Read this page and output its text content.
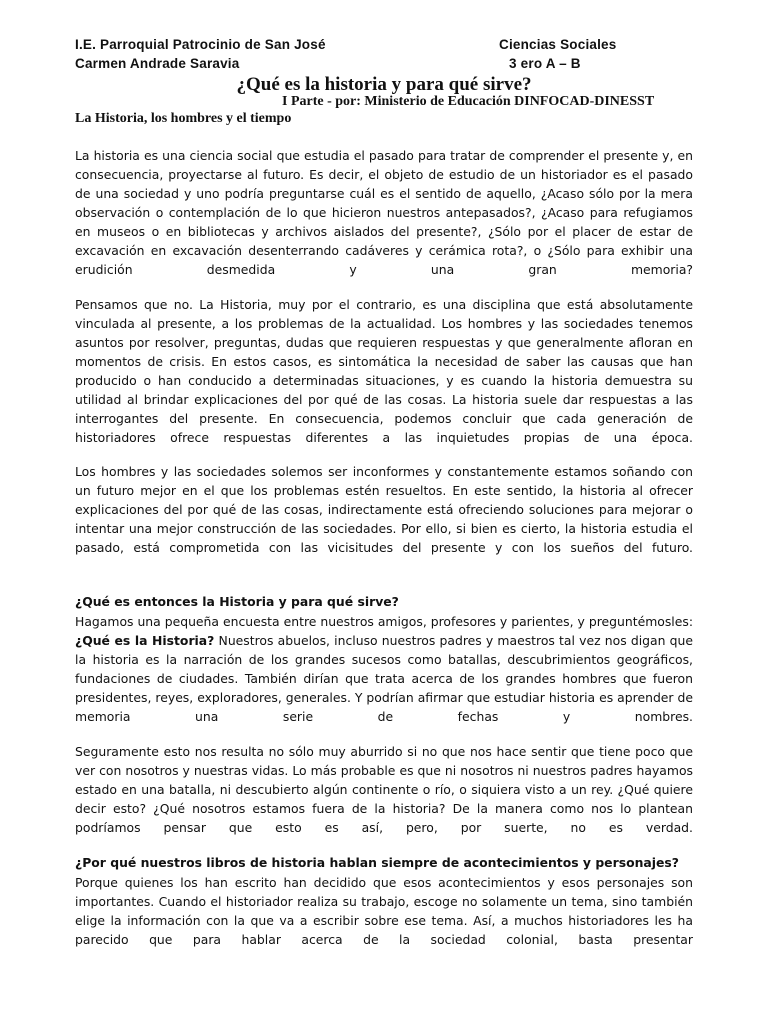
I.E. Parroquial Patrocinio de San José	Ciencias Sociales
Carmen Andrade Saravia	3 ero A – B
¿Qué es la historia y para qué sirve?
I Parte - por: Ministerio de Educación DINFOCAD-DINESST
La Historia, los hombres y el tiempo

La historia es una ciencia social que estudia el pasado para tratar de comprender el presente y, en consecuencia, proyectarse al futuro. Es decir, el objeto de estudio de un historiador es el pasado de una sociedad y uno podría preguntarse cuál es el sentido de aquello, ¿Acaso sólo por la mera observación o contemplación de lo que hicieron nuestros antepasados?, ¿Acaso para refugiamos en museos o en bibliotecas y archivos aislados del presente?, ¿Sólo por el placer de estar de excavación en excavación desenterrando cadáveres y cerámica rota?, o ¿Sólo para exhibir una erudición desmedida y una gran memoria?

Pensamos que no. La Historia, muy por el contrario, es una disciplina que está absolutamente vinculada al presente, a los problemas de la actualidad. Los hombres y las sociedades tenemos asuntos por resolver, preguntas, dudas que requieren respuestas y que generalmente afloran en momentos de crisis. En estos casos, es sintomática la necesidad de saber las causas que han producido o han conducido a determinadas situaciones, y es cuando la historia demuestra su utilidad al brindar explicaciones del por qué de las cosas. La historia suele dar respuestas a las interrogantes del presente. En consecuencia, podemos concluir que cada generación de historiadores ofrece respuestas diferentes a las inquietudes propias de una época.

Los hombres y las sociedades solemos ser inconformes y constantemente estamos soñando con un futuro mejor en el que los problemas estén resueltos. En este sentido, la historia al ofrecer explicaciones del por qué de las cosas, indirectamente está ofreciendo soluciones para mejorar o intentar una mejor construcción de las sociedades. Por ello, si bien es cierto, la historia estudia el pasado, está comprometida con las vicisitudes del presente y con los sueños del futuro.

¿Qué es entonces la Historia y para qué sirve?

Hagamos una pequeña encuesta entre nuestros amigos, profesores y parientes, y preguntémosles: ¿Qué es la Historia? Nuestros abuelos, incluso nuestros padres y maestros tal vez nos digan que la historia es la narración de los grandes sucesos como batallas, descubrimientos geográficos, fundaciones de ciudades. También dirían que trata acerca de los grandes hombres que fueron presidentes, reyes, exploradores, generales. Y podrían afirmar que estudiar historia es aprender de memoria una serie de fechas y nombres.

Seguramente esto nos resulta no sólo muy aburrido si no que nos hace sentir que tiene poco que ver con nosotros y nuestras vidas. Lo más probable es que ni nosotros ni nuestros padres hayamos estado en una batalla, ni descubierto algún continente o río, o siquiera visto a un rey. ¿Qué quiere decir esto? ¿Qué nosotros estamos fuera de la historia? De la manera como nos lo plantean podríamos pensar que esto es así, pero, por suerte, no es verdad.

¿Por qué nuestros libros de historia hablan siempre de acontecimientos y personajes?

Porque quienes los han escrito han decidido que esos acontecimientos y esos personajes son importantes. Cuando el historiador realiza su trabajo, escoge no solamente un tema, sino también elige la información con la que va a escribir sobre ese tema. Así, a muchos historiadores les ha parecido que para hablar acerca de la sociedad colonial, basta presentar
